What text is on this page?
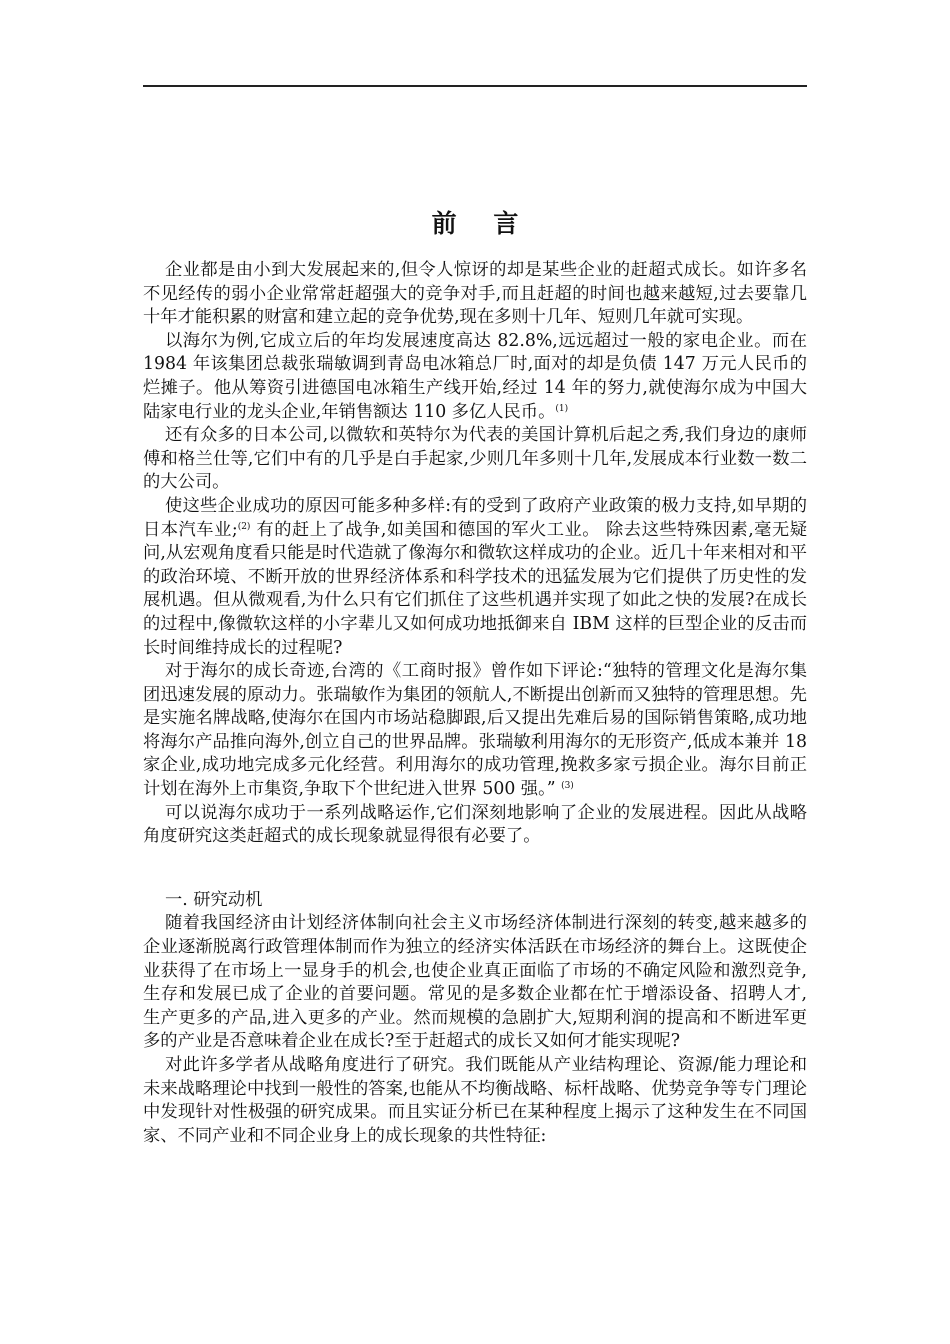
前 言

企业都是由小到大发展起来的,但令人惊讶的却是某些企业的赶超式成长。如许多名不见经传的弱小企业常常赶超强大的竞争对手,而且赶超的时间也越来越短,过去要靠几十年才能积累的财富和建立起的竞争优势,现在多则十几年、短则几年就可实现。

以海尔为例,它成立后的年均发展速度高达 82.8%,远远超过一般的家电企业。而在 1984 年该集团总裁张瑞敏调到青岛电冰箱总厂时,面对的却是负债 147 万元人民币的烂摊子。他从筹资引进德国电冰箱生产线开始,经过 14 年的努力,就使海尔成为中国大陆家电行业的龙头企业,年销售额达 110 多亿人民币。$^{(1)}$

还有众多的日本公司,以微软和英特尔为代表的美国计算机后起之秀,我们身边的康师傅和格兰仕等,它们中有的几乎是白手起家,少则几年多则十几年,发展成本行业数一数二的大公司。

使这些企业成功的原因可能多种多样:有的受到了政府产业政策的极力支持,如早期的日本汽车业;$^{(2)}$ 有的赶上了战争,如美国和德国的军火工业。 除去这些特殊因素,毫无疑问,从宏观角度看只能是时代造就了像海尔和微软这样成功的企业。近几十年来相对和平的政治环境、不断开放的世界经济体系和科学技术的迅猛发展为它们提供了历史性的发展机遇。但从微观看,为什么只有它们抓住了这些机遇并实现了如此之快的发展?在成长的过程中,像微软这样的小字辈儿又如何成功地抵御来自 IBM 这样的巨型企业的反击而长时间维持成长的过程呢?

对于海尔的成长奇迹,台湾的《工商时报》曾作如下评论:“独特的管理文化是海尔集团迅速发展的原动力。张瑞敏作为集团的领航人,不断提出创新而又独特的管理思想。先是实施名牌战略,使海尔在国内市场站稳脚跟,后又提出先难后易的国际销售策略,成功地将海尔产品推向海外,创立自己的世界品牌。张瑞敏利用海尔的无形资产,低成本兼并 18 家企业,成功地完成多元化经营。利用海尔的成功管理,挽救多家亏损企业。海尔目前正计划在海外上市集资,争取下个世纪进入世界 500 强。” $^{(3)}$

可以说海尔成功于一系列战略运作,它们深刻地影响了企业的发展进程。因此从战略角度研究这类赶超式的成长现象就显得很有必要了。

一. 研究动机

随着我国经济由计划经济体制向社会主义市场经济体制进行深刻的转变,越来越多的企业逐渐脱离行政管理体制而作为独立的经济实体活跃在市场经济的舞台上。这既使企业获得了在市场上一显身手的机会,也使企业真正面临了市场的不确定风险和激烈竞争,生存和发展已成了企业的首要问题。常见的是多数企业都在忙于增添设备、招聘人才, 生产更多的产品,进入更多的产业。然而规模的急剧扩大,短期利润的提高和不断进军更多的产业是否意味着企业在成长?至于赶超式的成长又如何才能实现呢?

对此许多学者从战略角度进行了研究。我们既能从产业结构理论、资源/能力理论和未来战略理论中找到一般性的答案,也能从不均衡战略、标杆战略、优势竞争等专门理论中发现针对性极强的研究成果。而且实证分析已在某种程度上揭示了这种发生在不同国家、不同产业和不同企业身上的成长现象的共性特征:
